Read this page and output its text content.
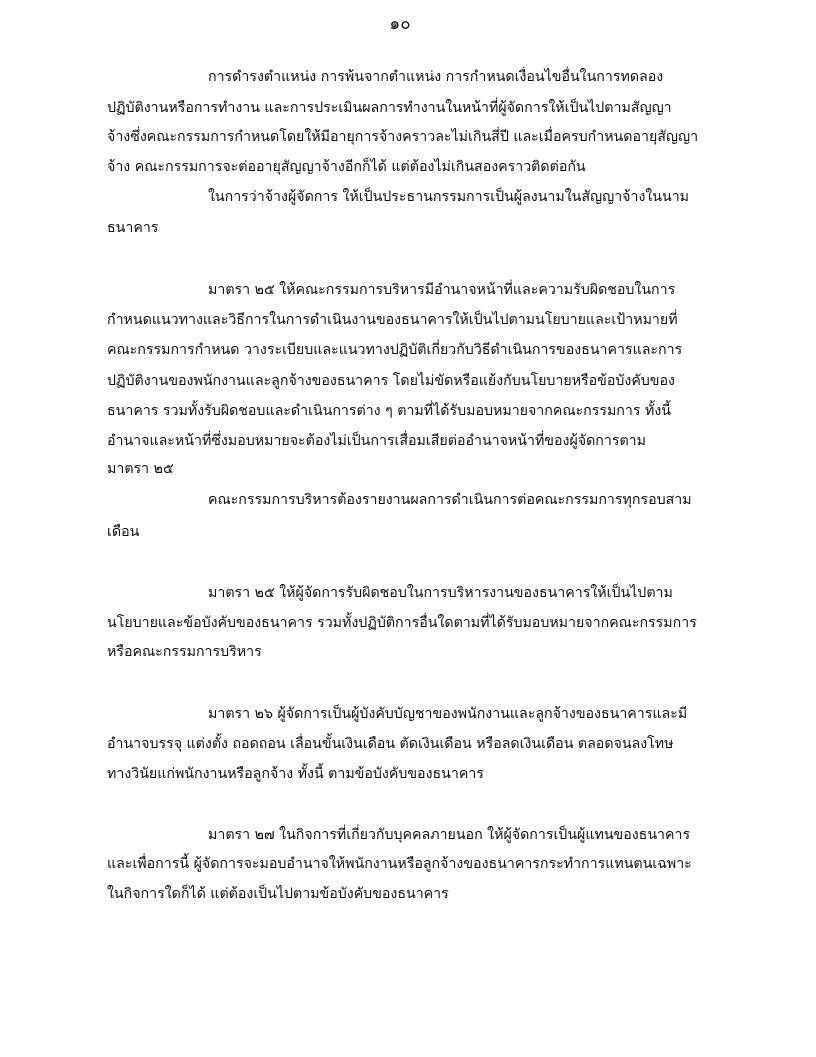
๑๐
การดำรงตำแหน่ง การพ้นจากตำแหน่ง การกำหนดเงื่อนไขอื่นในการทดลอง
ปฏิบัติงานหรือการทำงาน และการประเมินผลการทำงานในหน้าที่ผู้จัดการให้เป็นไปตามสัญญา
จ้างซึ่งคณะกรรมการกำหนดโดยให้มีอายุการจ้างคราวละไม่เกินสี่ปี และเมื่อครบกำหนดอายุสัญญา
จ้าง คณะกรรมการจะต่ออายุสัญญาจ้างอีกก็ได้ แต่ต้องไม่เกินสองคราวติดต่อกัน
ในการว่าจ้างผู้จัดการ ให้เป็นประธานกรรมการเป็นผู้ลงนามในสัญญาจ้างในนาม
ธนาคาร
มาตรา ๒๕ ให้คณะกรรมการบริหารมีอำนาจหน้าที่และความรับผิดชอบในการ
กำหนดแนวทางและวิธีการในการดำเนินงานของธนาคารให้เป็นไปตามนโยบายและเป้าหมายที่
คณะกรรมการกำหนด วางระเบียบและแนวทางปฏิบัติเกี่ยวกับวิธีดำเนินการของธนาคารและการ
ปฏิบัติงานของพนักงานและลูกจ้างของธนาคาร โดยไม่ขัดหรือแย้งกับนโยบายหรือข้อบังคับของ
ธนาคาร รวมทั้งรับผิดชอบและดำเนินการต่าง ๆ ตามที่ได้รับมอบหมายจากคณะกรรมการ ทั้งนี้
อำนาจและหน้าที่ซึ่งมอบหมายจะต้องไม่เป็นการเสื่อมเสียต่ออำนาจหน้าที่ของผู้จัดการตาม
มาตรา ๒๕
คณะกรรมการบริหารต้องรายงานผลการดำเนินการต่อคณะกรรมการทุกรอบสาม
เดือน
มาตรา ๒๕ ให้ผู้จัดการรับผิดชอบในการบริหารงานของธนาคารให้เป็นไปตาม
นโยบายและข้อบังคับของธนาคาร รวมทั้งปฏิบัติการอื่นใดตามที่ได้รับมอบหมายจากคณะกรรมการ
หรือคณะกรรมการบริหาร
มาตรา ๒๖ ผู้จัดการเป็นผู้บังคับบัญชาของพนักงานและลูกจ้างของธนาคารและมี
อำนาจบรรจุ แต่งตั้ง ถอดถอน เลื่อนขั้นเงินเดือน ตัดเงินเดือน หรือลดเงินเดือน ตลอดจนลงโทษ
ทางวินัยแก่พนักงานหรือลูกจ้าง ทั้งนี้ ตามข้อบังคับของธนาคาร
มาตรา ๒๗ ในกิจการที่เกี่ยวกับบุคคลภายนอก ให้ผู้จัดการเป็นผู้แทนของธนาคาร
และเพื่อการนี้ ผู้จัดการจะมอบอำนาจให้พนักงานหรือลูกจ้างของธนาคารกระทำการแทนตนเฉพาะ
ในกิจการใดก็ได้ แต่ต้องเป็นไปตามข้อบังคับของธนาคาร
